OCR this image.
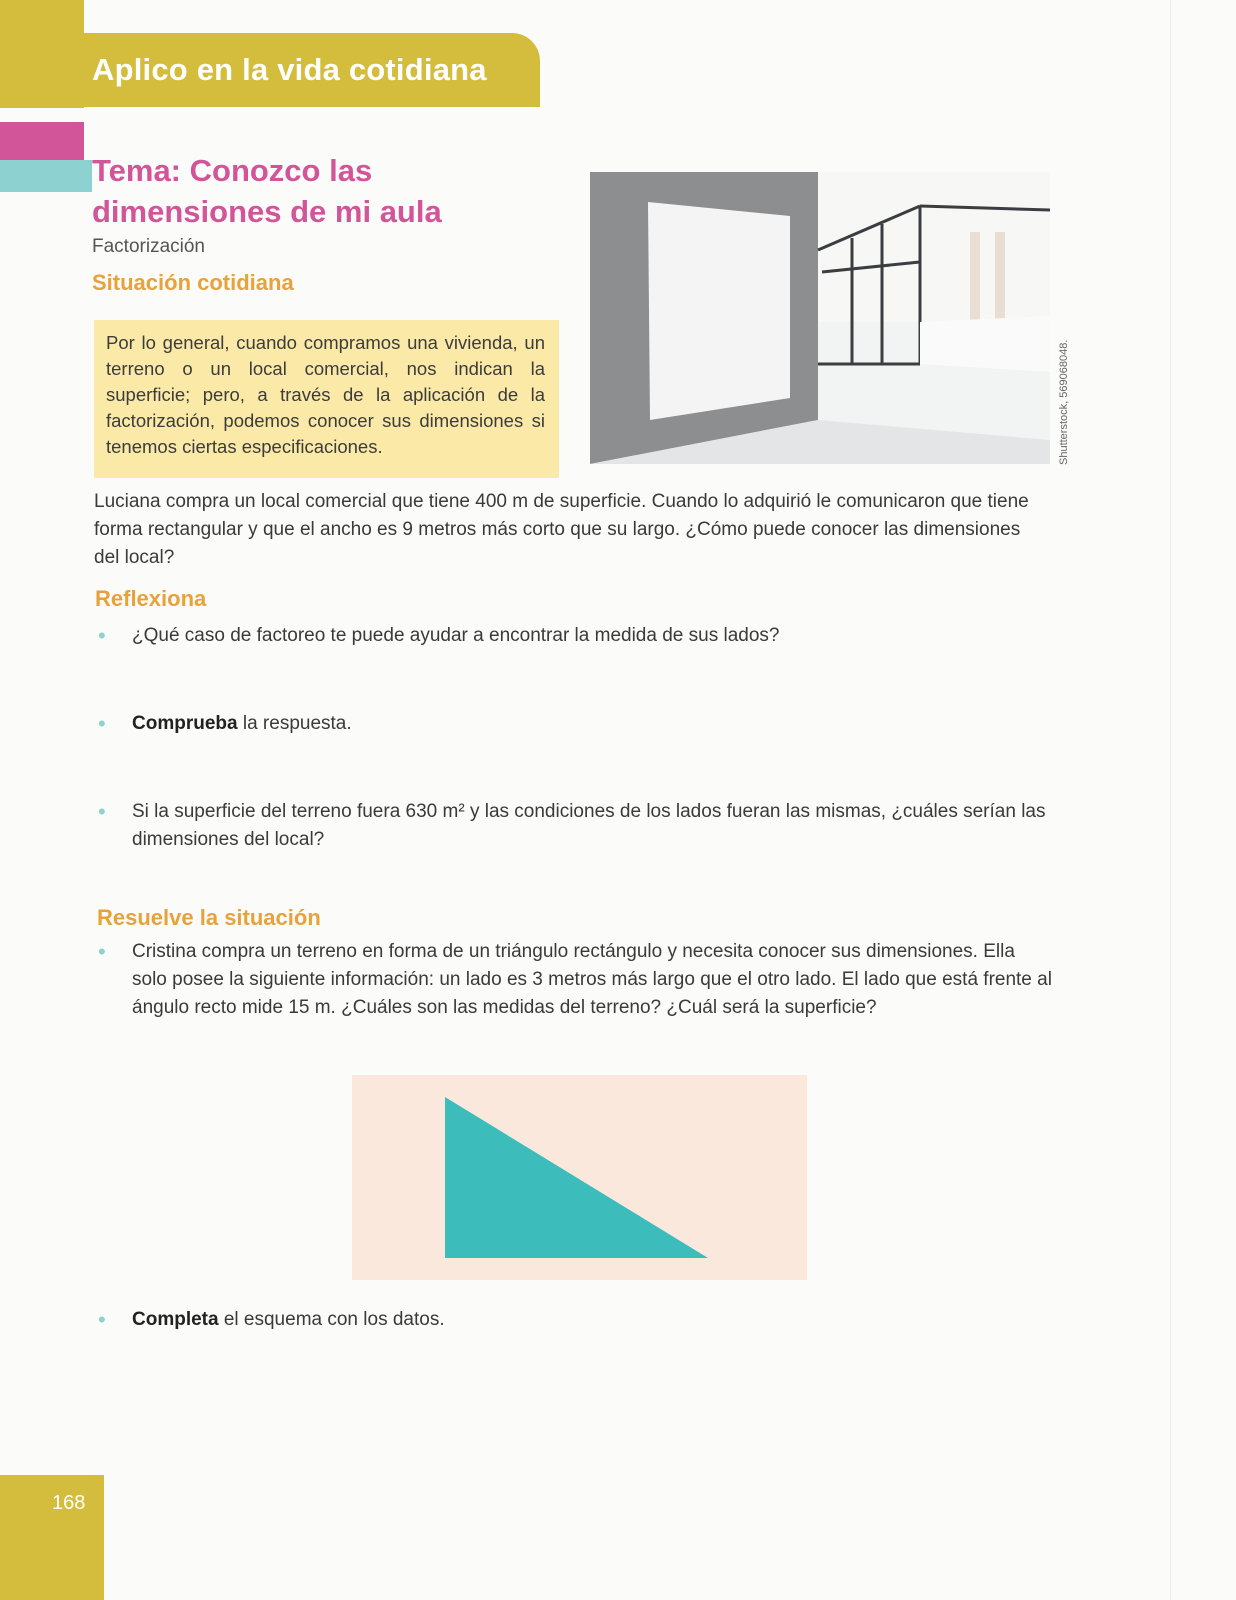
Aplico en la vida cotidiana
Tema: Conozco las dimensiones de mi aula
Factorización
Situación cotidiana
Por lo general, cuando compramos una vivienda, un terreno o un local comercial, nos indican la superficie; pero, a través de la aplicación de la factorización, podemos conocer sus dimensiones si tenemos ciertas especificaciones.	Shutterstock, 569068048.

Luciana compra un local comercial que tiene 400 m de superficie. Cuando lo adquirió le comunicaron que tiene forma rectangular y que el ancho es 9 metros más corto que su largo. ¿Cómo puede conocer las dimensiones del local?

Reflexiona
•	¿Qué caso de factoreo te puede ayudar a encontrar la medida de sus lados?
•	Comprueba la respuesta.
•	Si la superficie del terreno fuera 630 m² y las condiciones de los lados fueran las mismas, ¿cuáles serían las dimensiones del local?
Resuelve la situación
•	Cristina compra un terreno en forma de un triángulo rectángulo y necesita conocer sus dimensiones. Ella solo posee la siguiente información: un lado es 3 metros más largo que el otro lado. El lado que está frente al ángulo recto mide 15 m. ¿Cuáles son las medidas del terreno? ¿Cuál será la superficie?
•	Completa el esquema con los datos.
168
